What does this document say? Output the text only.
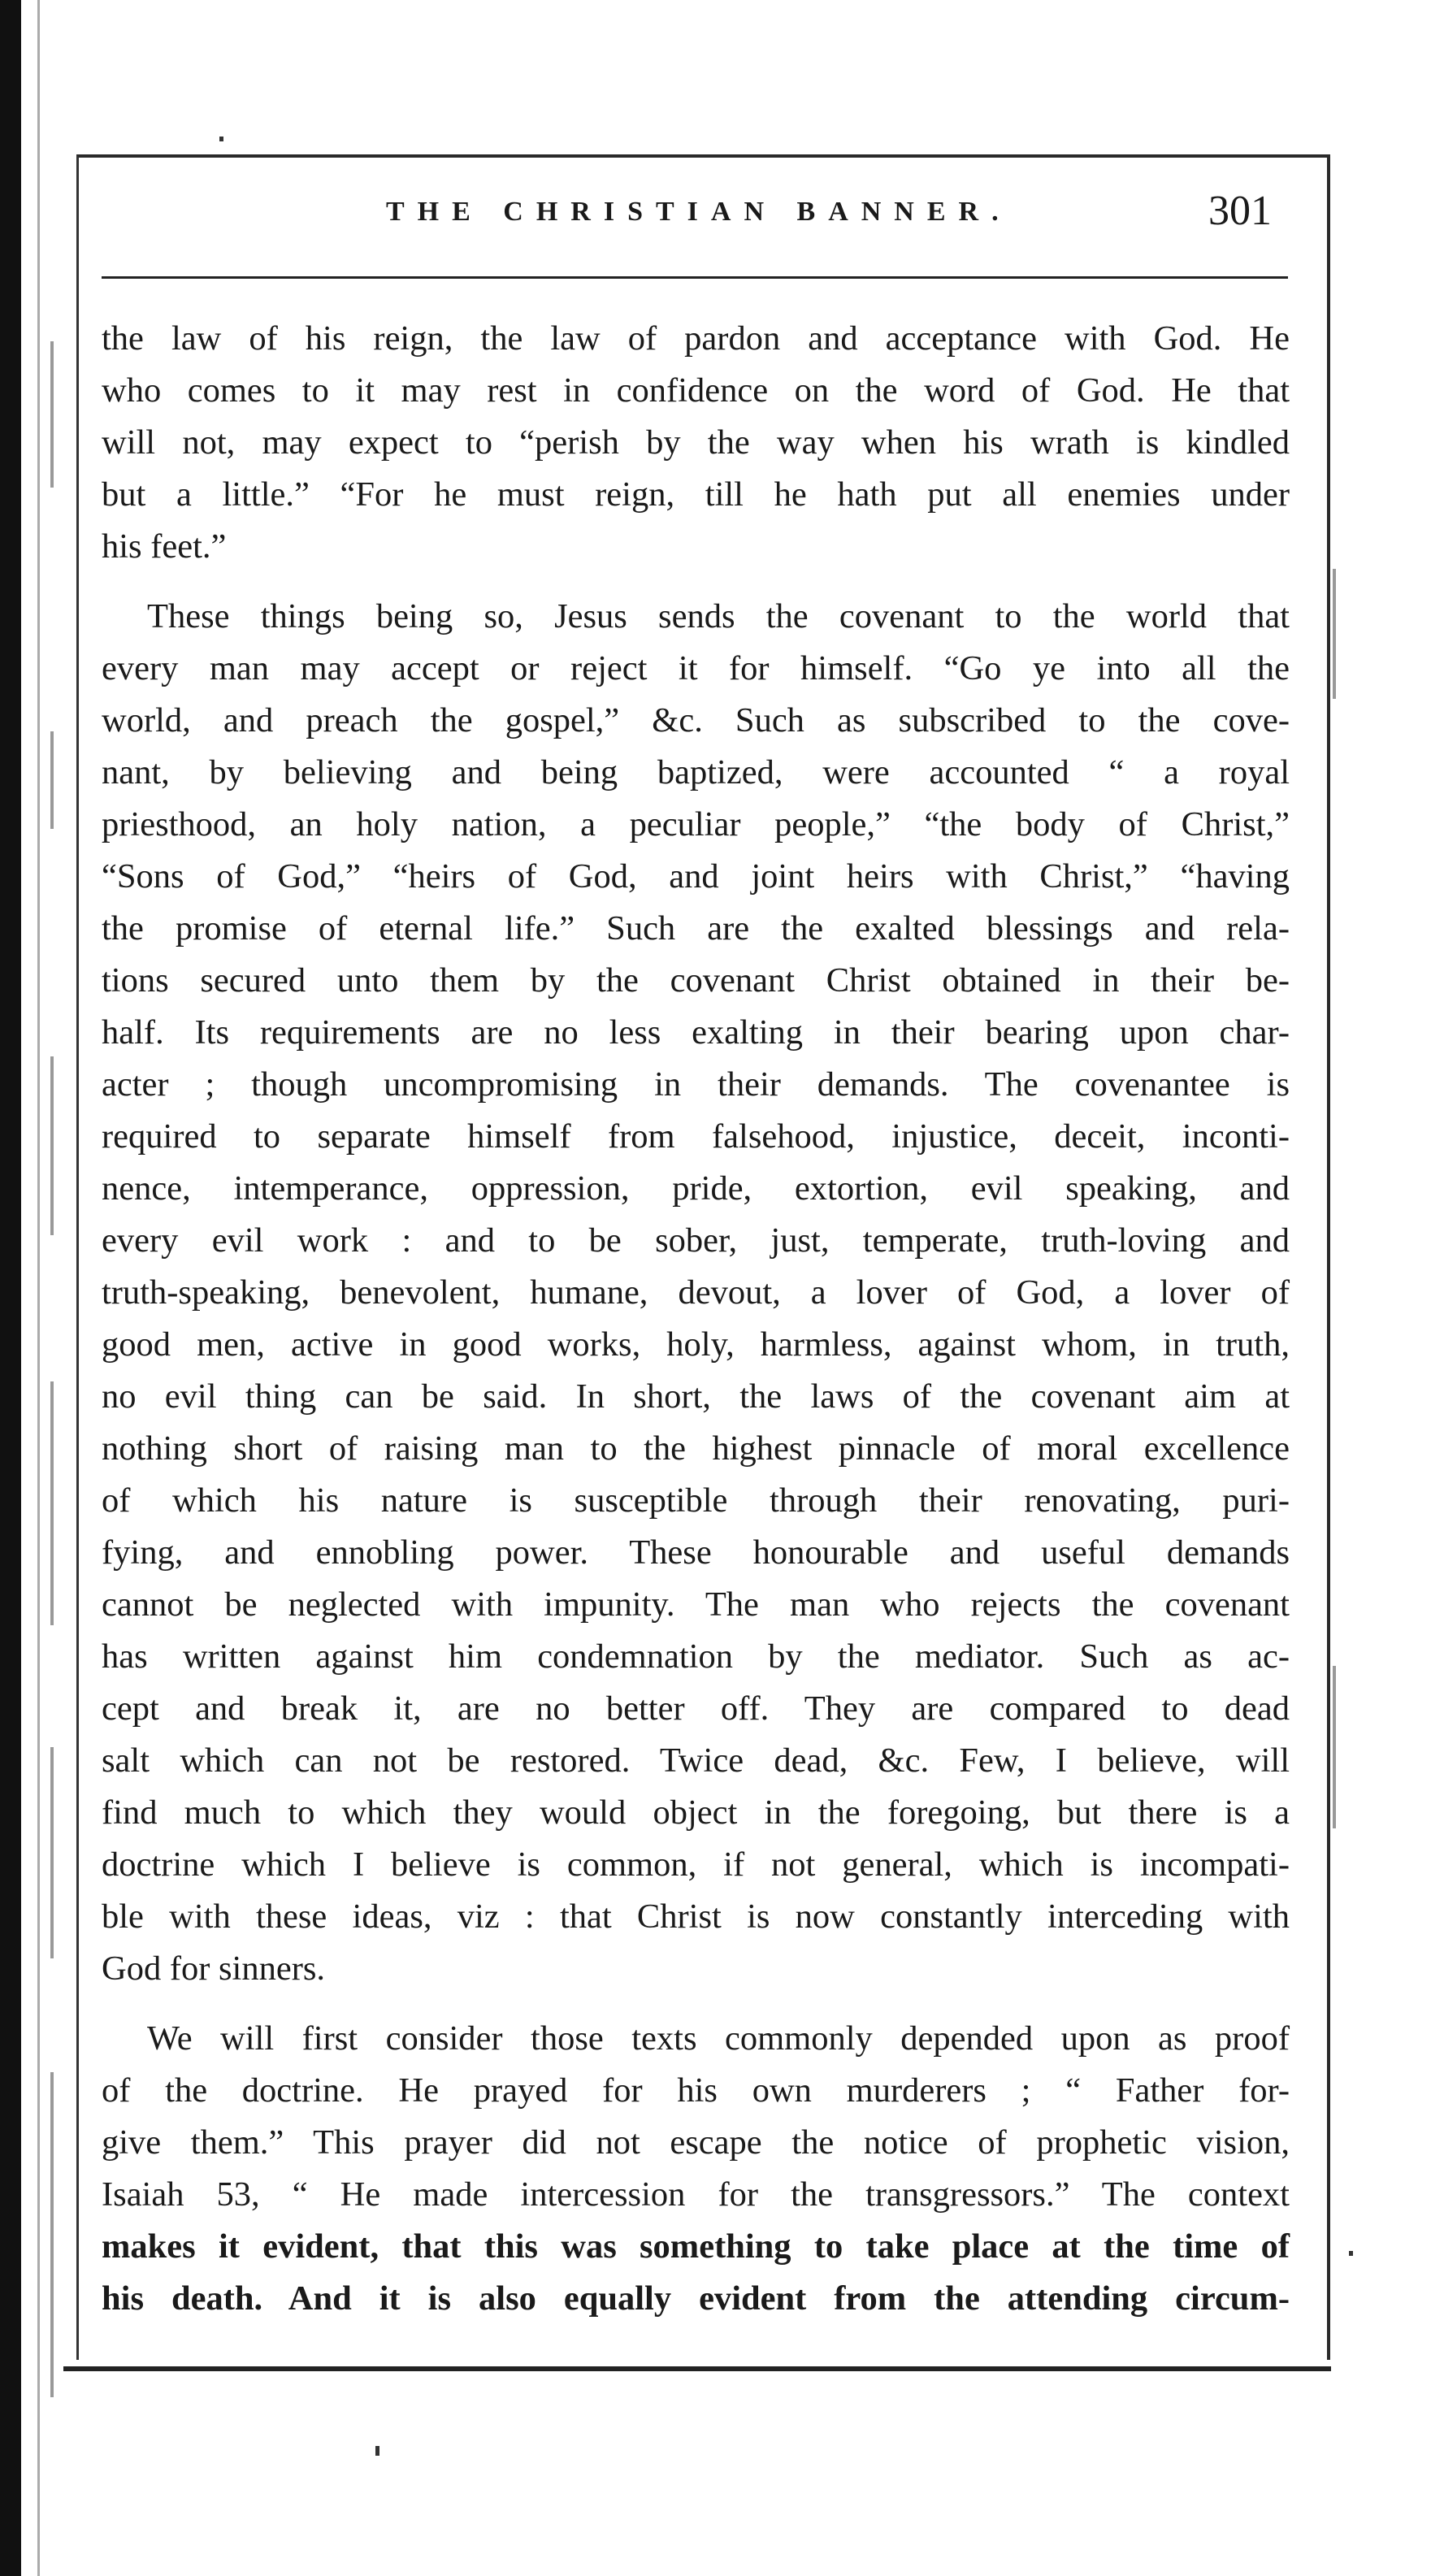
THE CHRISTIAN BANNER.	301

the law of his reign, the law of pardon and acceptance with God. He
who comes to it may rest in confidence on the word of God. He that
will not, may expect to “perish by the way when his wrath is kindled
but a little.” “For he must reign, till he hath put all enemies under
his feet.”

These things being so, Jesus sends the covenant to the world that
every man may accept or reject it for himself. “Go ye into all the
world, and preach the gospel,” &c. Such as subscribed to the cove-
nant, by believing and being baptized, were accounted “ a royal
priesthood, an holy nation, a peculiar people,” “the body of Christ,”
“Sons of God,” “heirs of God, and joint heirs with Christ,” “having
the promise of eternal life.” Such are the exalted blessings and rela-
tions secured unto them by the covenant Christ obtained in their be-
half. Its requirements are no less exalting in their bearing upon char-
acter ; though uncompromising in their demands. The covenantee is
required to separate himself from falsehood, injustice, deceit, inconti-
nence, intemperance, oppression, pride, extortion, evil speaking, and
every evil work : and to be sober, just, temperate, truth-loving and
truth-speaking, benevolent, humane, devout, a lover of God, a lover of
good men, active in good works, holy, harmless, against whom, in truth,
no evil thing can be said. In short, the laws of the covenant aim at
nothing short of raising man to the highest pinnacle of moral excellence
of which his nature is susceptible through their renovating, puri-
fying, and ennobling power. These honourable and useful demands
cannot be neglected with impunity. The man who rejects the covenant
has written against him condemnation by the mediator. Such as ac-
cept and break it, are no better off. They are compared to dead
salt which can not be restored. Twice dead, &c. Few, I believe, will
find much to which they would object in the foregoing, but there is a
doctrine which I believe is common, if not general, which is incompati-
ble with these ideas, viz : that Christ is now constantly interceding with
God for sinners.

We will first consider those texts commonly depended upon as proof
of the doctrine. He prayed for his own murderers ; “ Father for-
give them.” This prayer did not escape the notice of prophetic vision,
Isaiah 53, “ He made intercession for the transgressors.” The context
makes it evident, that this was something to take place at the time of
his death. And it is also equally evident from the attending circum-
